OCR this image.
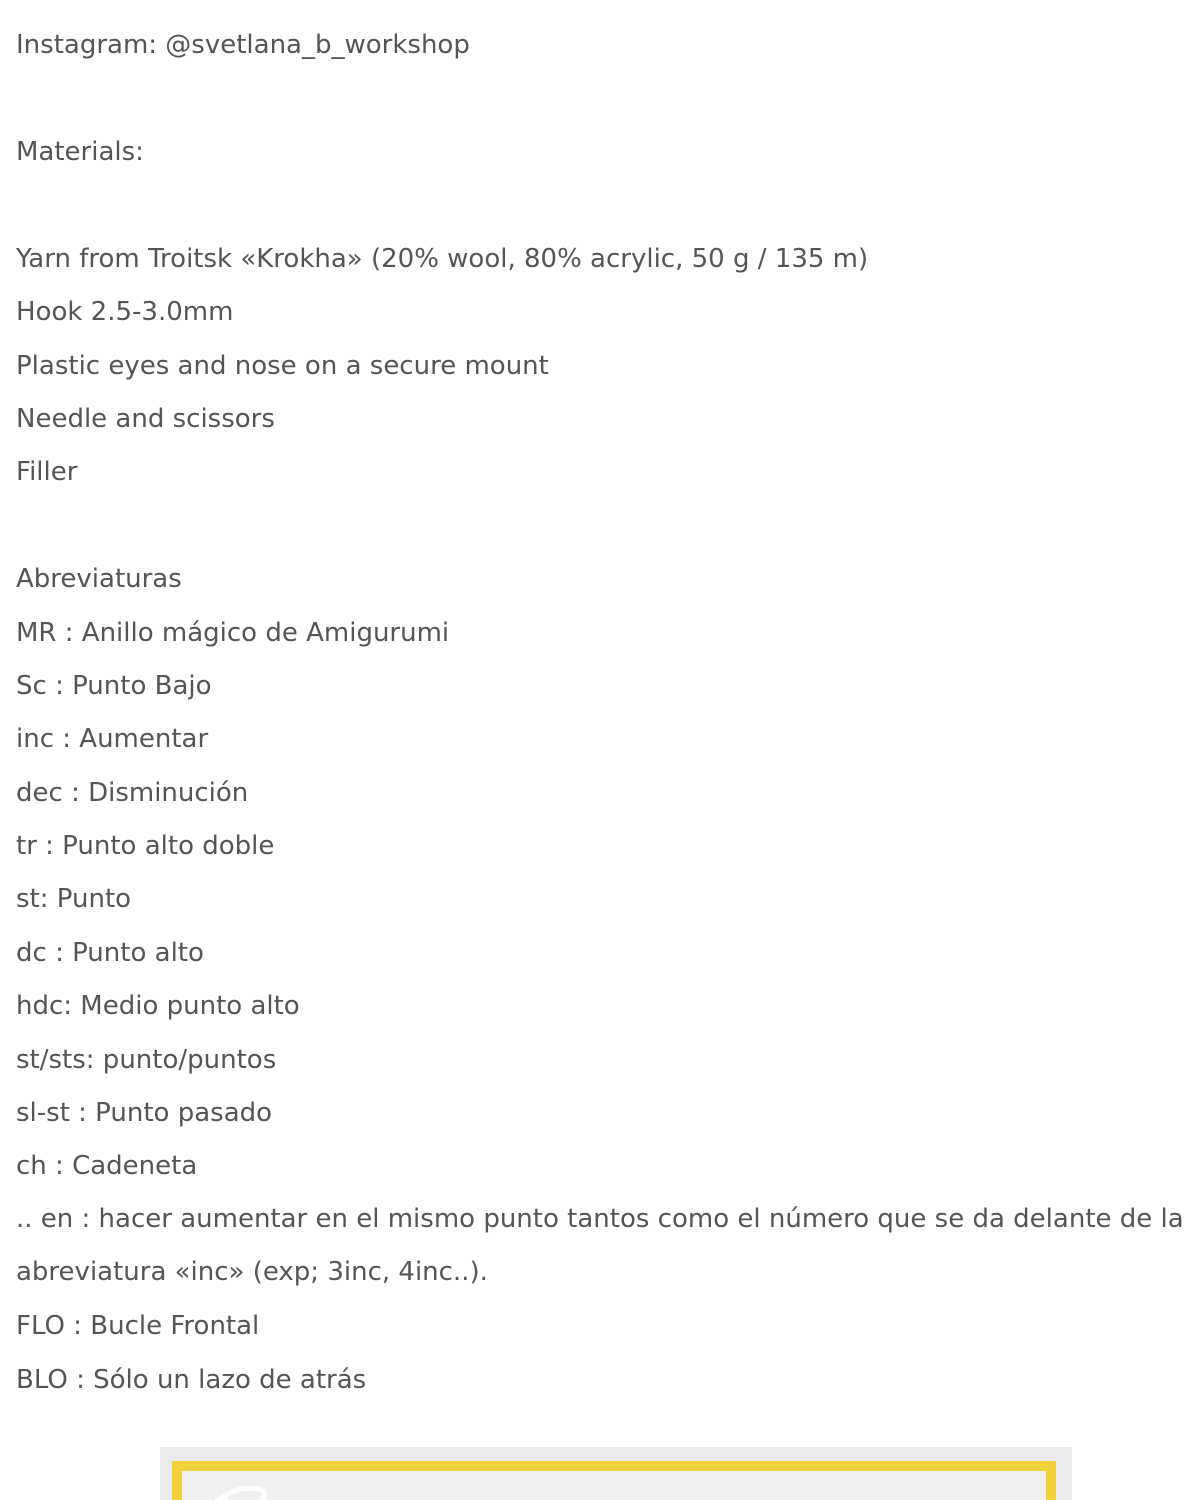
Instagram: @svetlana_b_workshop

Materials:

Yarn from Troitsk «Krokha» (20% wool, 80% acrylic, 50 g / 135 m)

Hook 2.5-3.0mm

Plastic eyes and nose on a secure mount

Needle and scissors

Filler

Abreviaturas

MR : Anillo mágico de Amigurumi

Sc : Punto Bajo

inc : Aumentar

dec : Disminución

tr : Punto alto doble

st: Punto

dc : Punto alto

hdc: Medio punto alto

st/sts: punto/puntos

sl-st : Punto pasado

ch : Cadeneta

.. en : hacer aumentar en el mismo punto tantos como el número que se da delante de la abreviatura «inc» (exp; 3inc, 4inc..).

FLO : Bucle Frontal

BLO : Sólo un lazo de atrás
